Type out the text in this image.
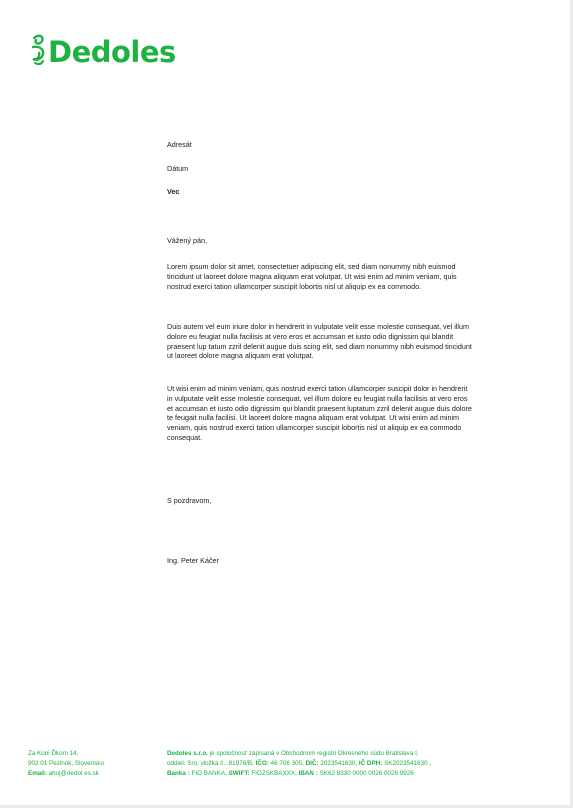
Dedoles
Adresát
Dátum
Vec
Vážený pán,

Lorem ipsum dolor sit amet, consectetuer adipiscing elit, sed diam nonummy nibh euismod tincidunt ut laoreet dolore magna aliquam erat volutpat. Ut wisi enim ad minim veniam, quis nostrud exerci tation ullamcorper suscipit lobortis nisl ut aliquip ex ea commodo.

Duis autem vel eum iriure dolor in hendrerit in vulputate velit esse molestie consequat, vel illum dolore eu feugiat nulla facilisis at vero eros et accumsan et iusto odio dignissim qui blandit praesent lup tatum zzril delenit augue duis scing elit, sed diam nonummy nibh euismod tincidunt ut laoreet dolore magna aliquam erat volutpat.

Ut wisi enim ad minim veniam, quis nostrud exerci tation ullamcorper suscipit dolor in hendrerit in vulputate velit esse molestie consequat, vel illum dolore eu feugiat nulla facilisis at vero eros et accumsan et iusto odio dignissim qui blandit praesent luptatum zzril delenit augue duis dolore te feugait nulla facilisi. Ut laoreet dolore magna aliquam erat volutpat. Ut wisi enim ad minim veniam, quis nostrud exerci tation ullamcorper suscipit lobortis nisl ut aliquip ex ea commodo consequat.

S pozdravom,
Ing. Peter Káčer
Za Koni Ďkom 14,
902 01 Pezinok, Slovensko
Email: ahoj@dedol es.sk
Dedoles s.r.o. je spoločnosť zapísaná v Obchodnom registri Okresného súdu Bratislava I,
oddiel: Sro, vložka č.: 81976/B, IČO: 46 706 305, DIČ: 2023541630, IČ DPH: SK2023541630 ,
Banka : FIO BANKA, SWIFT: FIOZSKBAXXX, IBAN : SK62 8330 0000 0026 0026 9926
